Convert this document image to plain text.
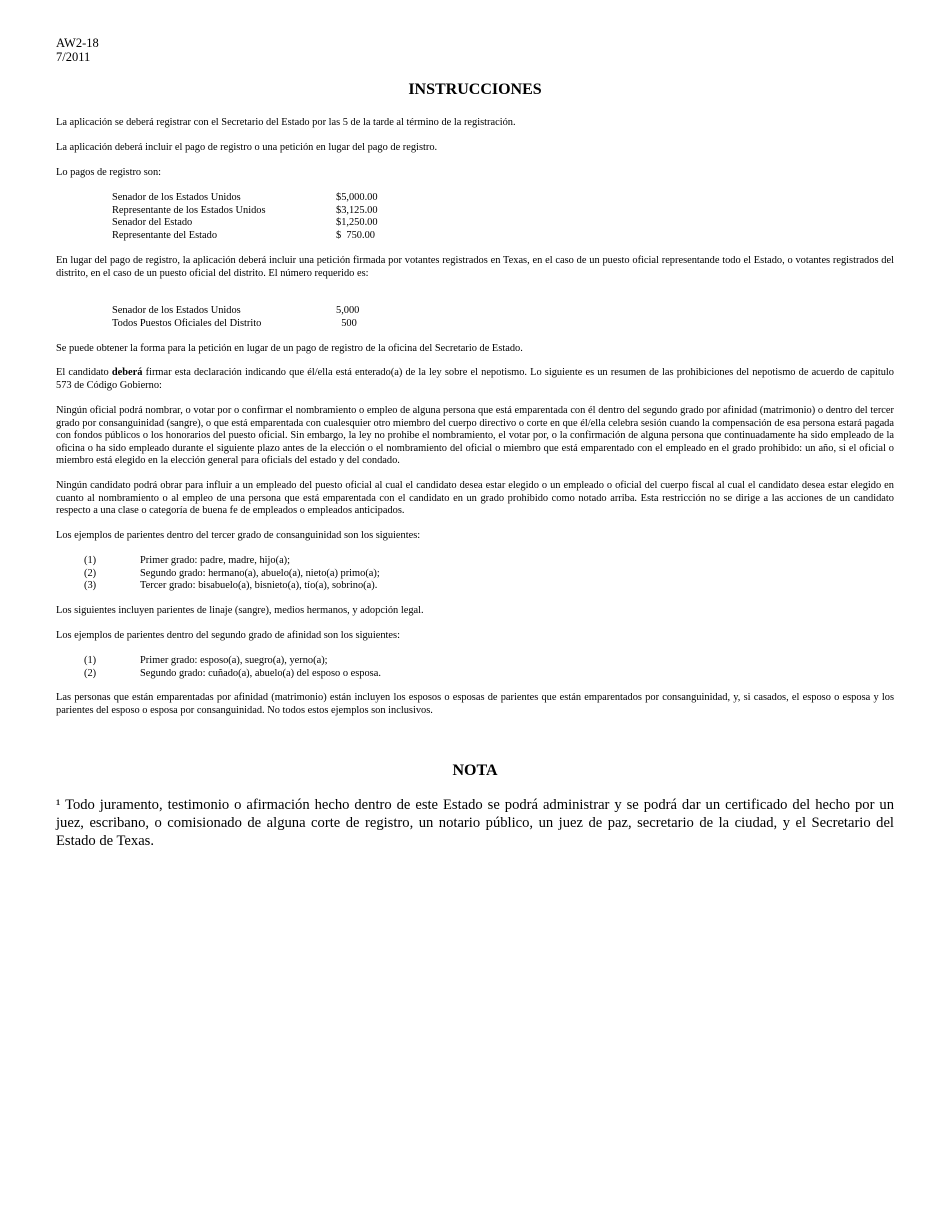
AW2-18
7/2011
INSTRUCCIONES

La aplicación se deberá registrar con el Secretario del Estado por las 5 de la tarde al término de la registración.

La aplicación deberá incluir el pago de registro o una petición en lugar del pago de registro.

Lo pagos de registro son:

Senador de los Estados Unidos	$5,000.00
Representante de los Estados Unidos	$3,125.00
Senador del Estado	$1,250.00
Representante del Estado	$  750.00

En lugar del pago de registro, la aplicación deberá incluir una petición firmada por votantes registrados en Texas, en el caso de un puesto oficial representande todo el Estado, o votantes registrados del distrito, en el caso de un puesto oficial del distrito. El número requerido es:

Senador de los Estados Unidos	5,000
Todos Puestos Oficiales del Distrito	500

Se puede obtener la forma para la petición en lugar de un pago de registro de la oficina del Secretario de Estado.

El candidato deberá firmar esta declaración indicando que él/ella está enterado(a) de la ley sobre el nepotismo. Lo siguiente es un resumen de las prohibiciones del nepotismo de acuerdo de capitulo 573 de Código Gobierno:

Ningún oficial podrá nombrar, o votar por o confirmar el nombramiento o empleo de alguna persona que está emparentada con él dentro del segundo grado por afinidad (matrimonio) o dentro del tercer grado por consanguinidad (sangre), o que está emparentada con cualesquier otro miembro del cuerpo directivo o corte en que él/ella celebra sesión cuando la compensación de esa persona estará pagada con fondos públicos o los honorarios del puesto oficial. Sin embargo, la ley no prohibe el nombramiento, el votar por, o la confirmación de alguna persona que continuadamente ha sido empleado de la oficina o ha sido empleado durante el siguiente plazo antes de la elección o el nombramiento del oficial o miembro que está emparentado con el empleado en el grado prohibido: un año, si el oficial o miembro está elegido en la elección general para oficials del estado y del condado.

Ningún candidato podrá obrar para influir a un empleado del puesto oficial al cual el candidato desea estar elegido o un empleado o oficial del cuerpo fiscal al cual el candidato desea estar elegido en cuanto al nombramiento o al empleo de una persona que está emparentada con el candidato en un grado prohibido como notado arriba. Esta restricción no se dirige a las acciones de un candidato respecto a una clase o categoría de buena fe de empleados o empleados anticipados.

Los ejemplos de parientes dentro del tercer grado de consanguinidad son los siguientes:

(1)	Primer grado: padre, madre, hijo(a);
(2)	Segundo grado: hermano(a), abuelo(a), nieto(a) primo(a);
(3)	Tercer grado: bisabuelo(a), bisnieto(a), tío(a), sobrino(a).

Los siguientes incluyen parientes de linaje (sangre), medios hermanos, y adopción legal.

Los ejemplos de parientes dentro del segundo grado de afinidad son los siguientes:

(1)	Primer grado: esposo(a), suegro(a), yerno(a);
(2)	Segundo grado: cuñado(a), abuelo(a) del esposo o esposa.

Las personas que están emparentadas por afinidad (matrimonio) están incluyen los esposos o esposas de parientes que están emparentados por consanguinidad, y, si casados, el esposo o esposa y los parientes del esposo o esposa por consanguinidad. No todos estos ejemplos son inclusivos.

NOTA

¹ Todo juramento, testimonio o afirmación hecho dentro de este Estado se podrá administrar y se podrá dar un certificado del hecho por un juez, escribano, o comisionado de alguna corte de registro, un notario público, un juez de paz, secretario de la ciudad, y el Secretario del Estado de Texas.
